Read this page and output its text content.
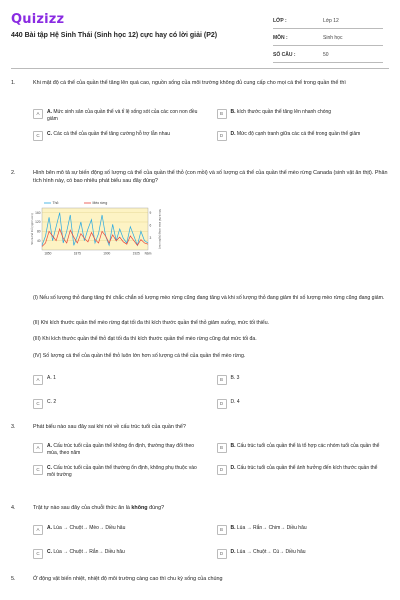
Quizizz
440 Bài tập Hệ Sinh Thái (Sinh học 12) cực hay có lời giải (P2)
LỚP :	Lớp 12
MÔN :	Sinh học
SỐ CÂU :	50
1.	Khi mật độ cá thể của quần thể tăng lên quá cao, nguồn sống của môi trường không đủ cung cấp cho mọi cá thể trong quần thể thì
A	A. Mức sinh sản của quần thể và tỉ lệ sống sót của các con non đều giảm
B	B. kích thước quần thể tăng lên nhanh chóng
C	C. Các cá thể của quần thể tăng cường hỗ trợ lẫn nhau	D	D. Mức độ cạnh tranh giữa các cá thể trong quần thể giảm
2.	Hình bên mô tả sự biến động số lượng cá thể của quần thể thỏ (con mồi) và số lượng cá thể của quần thể mèo rừng Canada (sinh vật ăn thịt). Phân tích hình này, có bao nhiêu phát biểu sau đây đúng?
160
120
80
40
9
6
3
1850	1875	1900	1925 Năm
Số cá thể thỏ (nghìn con)	Số cá thể mèo rừng (nghìn con)
Thỏ	Mèo rừng
(I) Nếu số lượng thỏ đang tăng thì chắc chắn số lượng mèo rừng cũng đang tăng và khi số lượng thỏ đang giảm thì số lượng mèo rừng cũng đang giảm.
(II) Khi kích thước quần thể mèo rừng đạt tối đa thì kích thước quần thể thỏ giảm xuống, mức tối thiểu.
(III) Khi kích thước quần thể thỏ đạt tối đa thì kích thước quần thể mèo rừng cũng đạt mức tối đa.
(IV) Số lượng cá thể của quần thể thỏ luôn lớn hơn số lượng cá thể của quần thể mèo rừng.
A	A. 1	B	B. 3
C	C. 2	D	D. 4
3.	Phát biểu nào sau đây sai khi nói về cấu trúc tuổi của quần thể?
A	A. Cấu trúc tuổi của quần thể không ổn định, thường thay đổi theo mùa, theo năm
B	B. Cấu trúc tuổi của quần thể là tổ hợp các nhóm tuổi của quần thể
C	C. Cấu trúc tuổi của quần thể thường ổn định, không phụ thuộc vào môi trường
D	D. Cấu trúc tuổi của quần thể ảnh hưởng đến kích thước quần thể
4.	Trật tự nào sau đây của chuỗi thức ăn là không đúng?
A	A. Lúa → Chuột→ Mèo→ Diều hâu	B	B. Lúa → Rắn→ Chim→ Diều hâu
C	C. Lúa → Chuột→ Rắn→ Diều hâu	D	D. Lúa → Chuột→ Cú→ Diều hâu
5.	Ở động vật biến nhiệt, nhiệt độ môi trường càng cao thì chu kỳ sống của chúng
